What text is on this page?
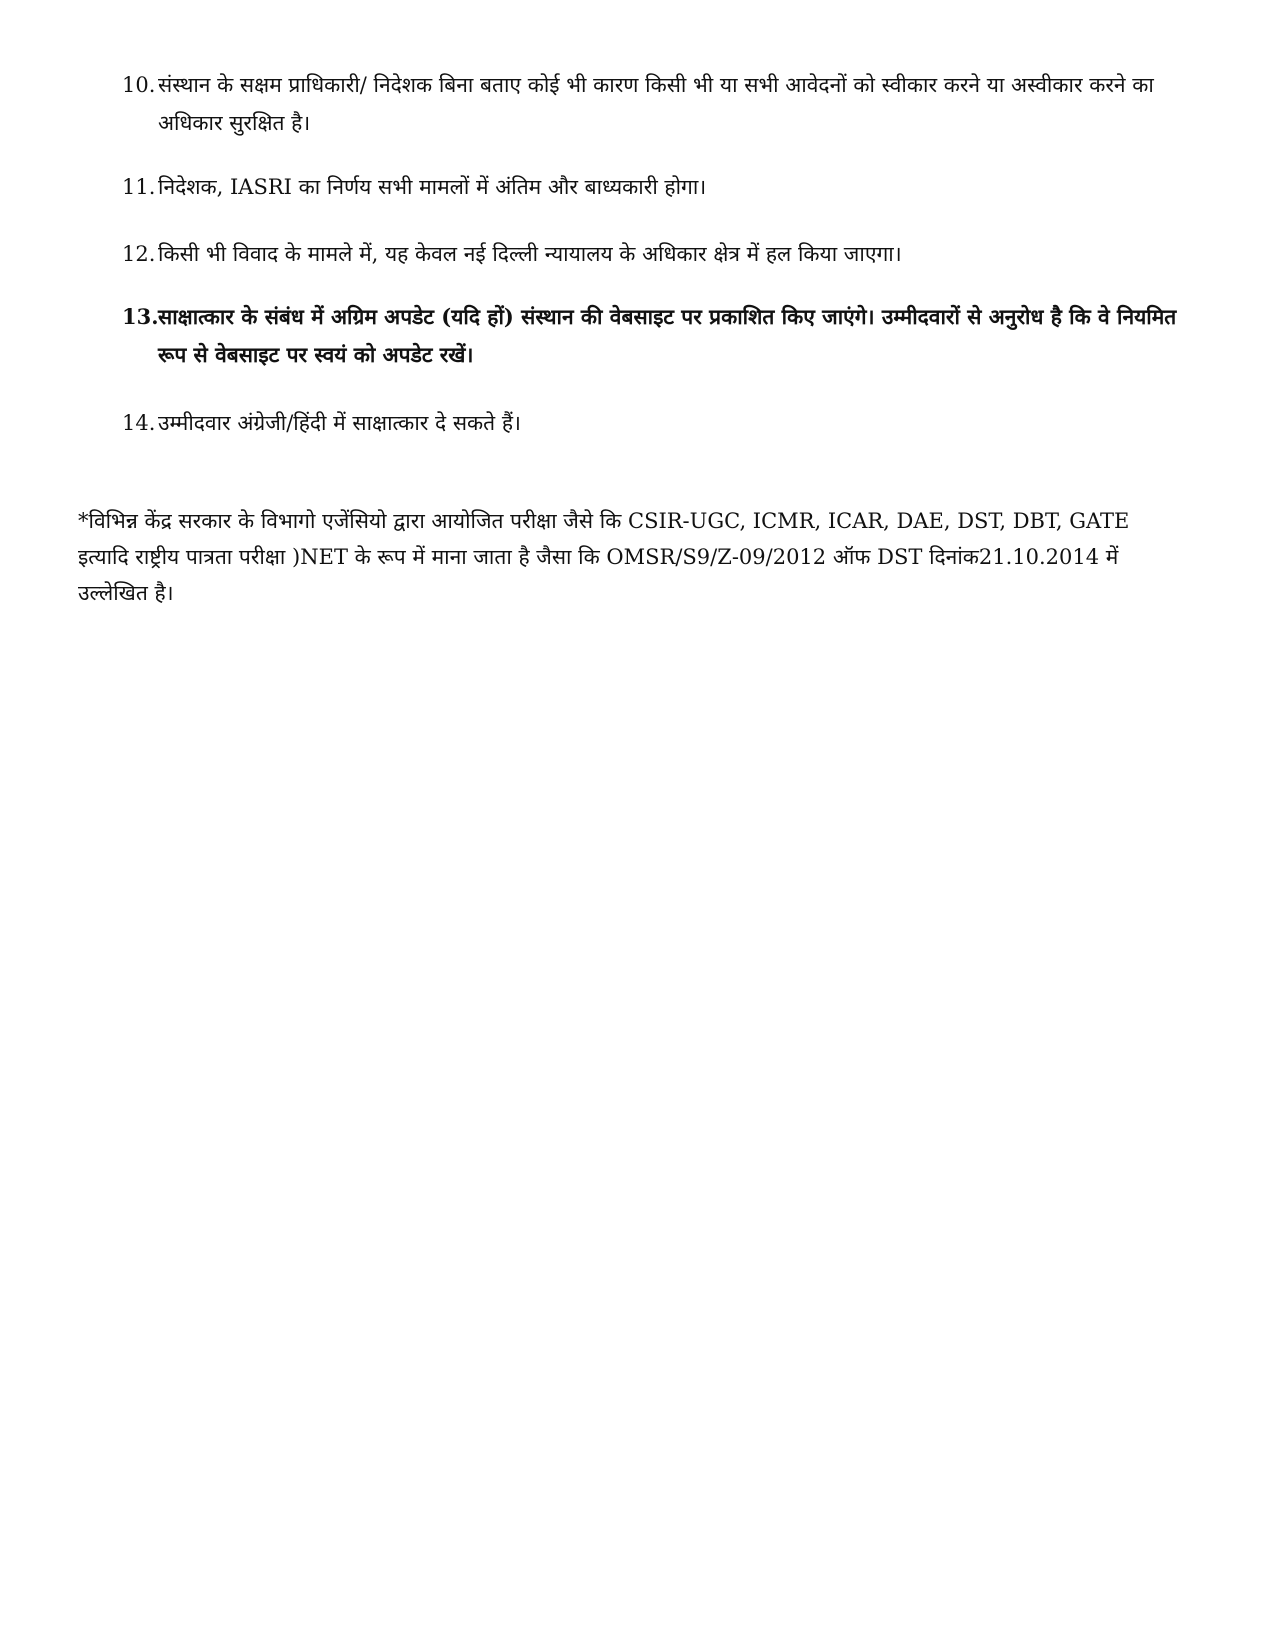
10. संस्थान के सक्षम प्राधिकारी/ निदेशक बिना बताए कोई भी कारण किसी भी या सभी आवेदनों को स्वीकार करने या अस्वीकार करने का अधिकार सुरक्षित है।
11. निदेशक, IASRI का निर्णय सभी मामलों में अंतिम और बाध्यकारी होगा।
12. किसी भी विवाद के मामले में, यह केवल नई दिल्ली न्यायालय के अधिकार क्षेत्र में हल किया जाएगा।
13. साक्षात्कार के संबंध में अग्रिम अपडेट (यदि हों) संस्थान की वेबसाइट पर प्रकाशित किए जाएंगे। उम्मीदवारों से अनुरोध है कि वे नियमित रूप से वेबसाइट पर स्वयं को अपडेट रखें।
14. उम्मीदवार अंग्रेजी/हिंदी में साक्षात्कार दे सकते हैं।
*विभिन्न केंद्र सरकार के विभागो एजेंसियो द्वारा आयोजित परीक्षा जैसे कि CSIR-UGC, ICMR, ICAR, DAE, DST, DBT, GATE इत्यादि राष्ट्रीय पात्रता परीक्षा )NET के रूप में माना जाता है जैसा कि OMSR/S9/Z-09/2012 ऑफ DST दिनांक21.10.2014 में उल्लेखित है।
